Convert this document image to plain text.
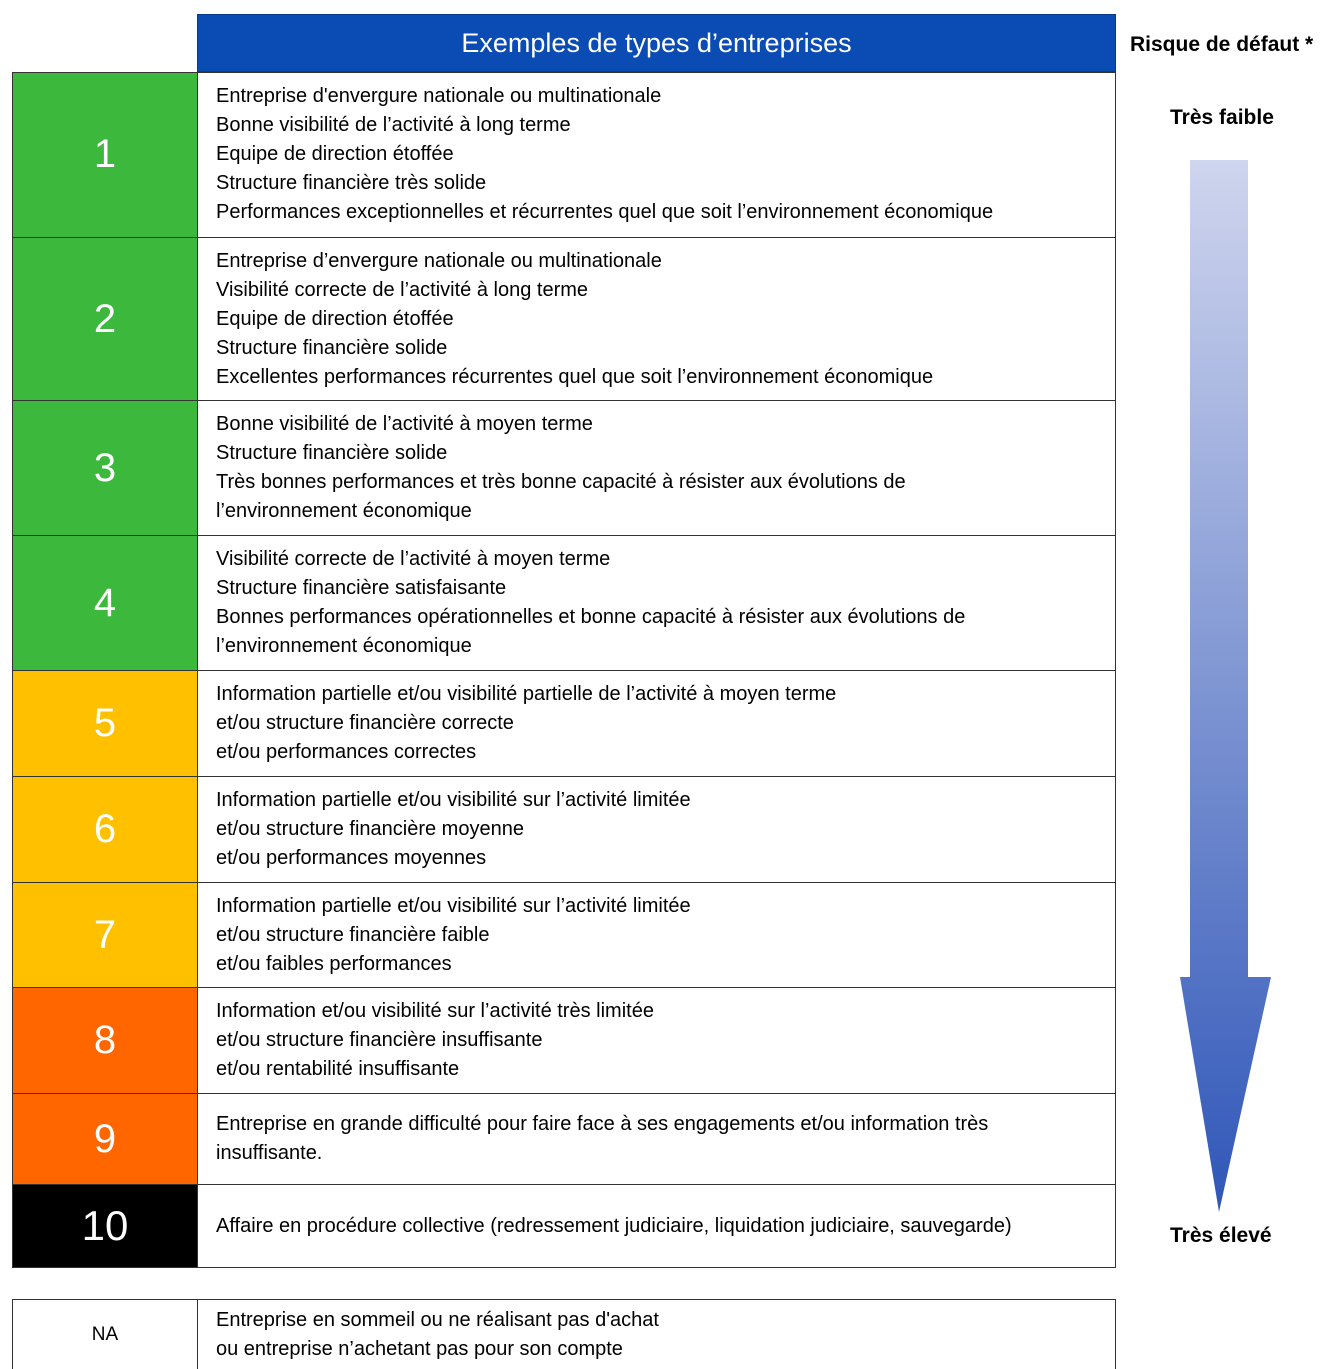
Exemples de types d’entreprises
1
Entreprise d'envergure nationale ou multinationale
Bonne visibilité de l’activité à long terme
Equipe de direction étoffée
Structure financière très solide
Performances exceptionnelles et récurrentes quel que soit l’environnement économique
2
Entreprise d’envergure nationale ou multinationale
Visibilité correcte de l’activité à long terme
Equipe de direction étoffée
Structure financière solide
Excellentes performances récurrentes quel que soit l’environnement économique
3
Bonne visibilité de l’activité à moyen terme
Structure financière solide
Très bonnes performances et très bonne capacité à résister aux évolutions de
l’environnement économique
4
Visibilité correcte de l’activité à moyen terme
Structure financière satisfaisante
Bonnes performances opérationnelles et bonne capacité à résister aux évolutions de
l’environnement économique
5
Information partielle et/ou visibilité partielle de l’activité à moyen terme
et/ou structure financière correcte
et/ou performances correctes
6
Information partielle et/ou visibilité sur l’activité limitée
et/ou structure financière moyenne
et/ou performances moyennes
7
Information partielle et/ou visibilité sur l’activité limitée
et/ou structure financière faible
et/ou faibles performances
8
Information et/ou visibilité sur l’activité très limitée
et/ou structure financière insuffisante
et/ou rentabilité insuffisante
9	Entreprise en grande difficulté pour faire face à ses engagements et/ou information très
insuffisante.
10	Affaire en procédure collective (redressement judiciaire, liquidation judiciaire, sauvegarde)
NA
Entreprise en sommeil ou ne réalisant pas d'achat
ou entreprise n’achetant pas pour son compte
Risque de défaut *
Très faible
Très élevé
